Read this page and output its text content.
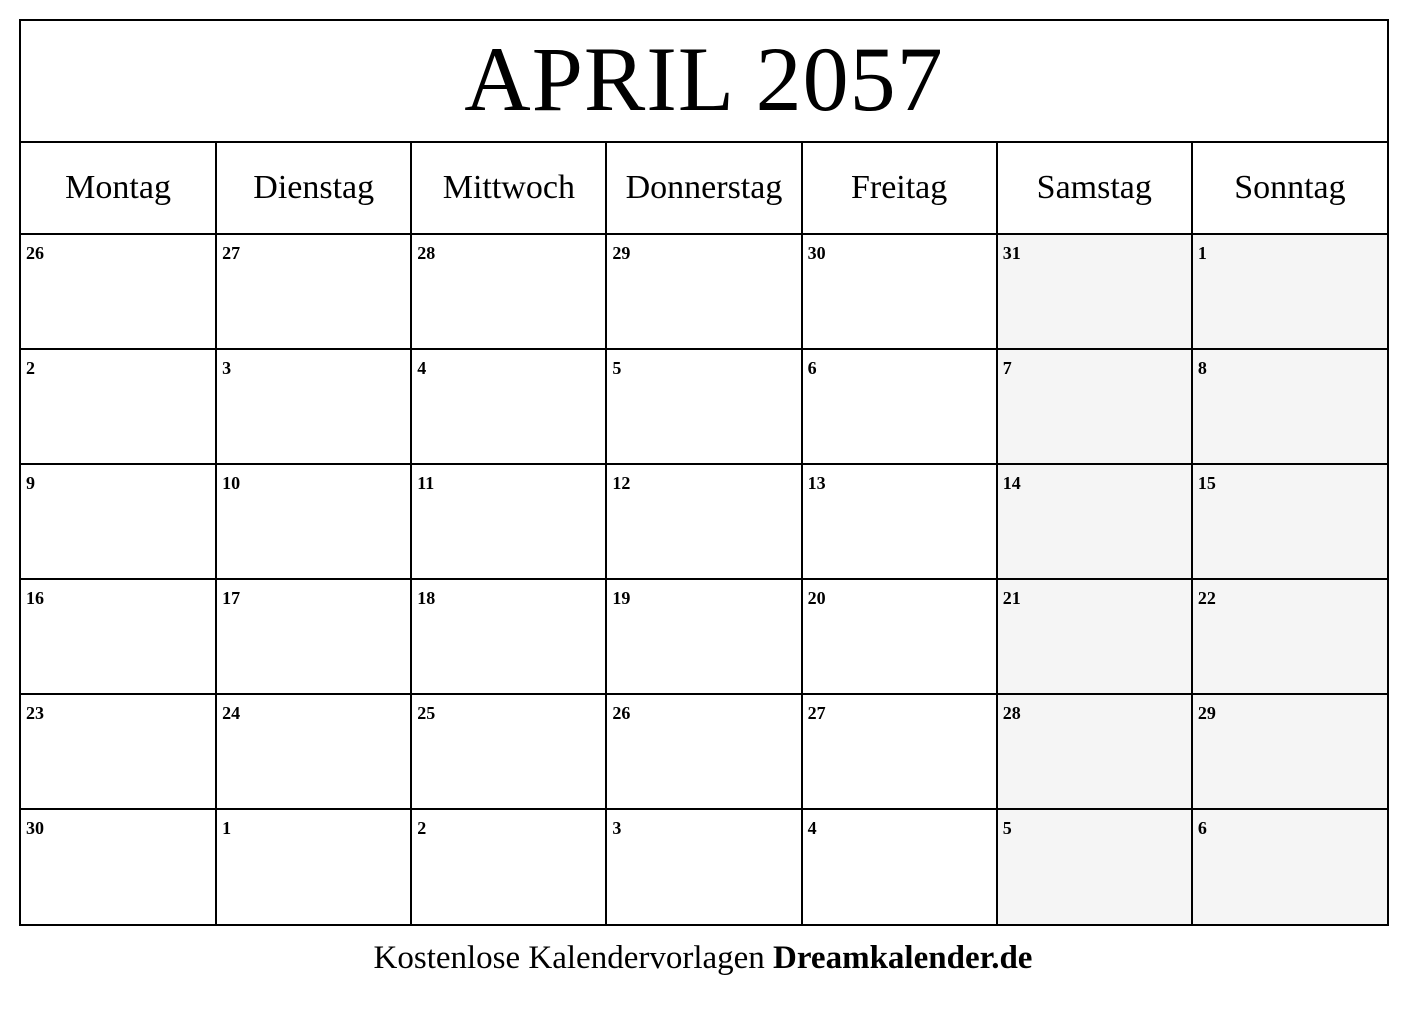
APRIL 2057
Montag	Dienstag	Mittwoch	Donnerstag	Freitag	Samstag	Sonntag

26	27	28	29	30	31	1

2	3	4	5	6	7	8

9	10	11	12	13	14	15

16	17	18	19	20	21	22

23	24	25	26	27	28	29

30	1	2	3	4	5	6
Kostenlose Kalendervorlagen Dreamkalender.de
